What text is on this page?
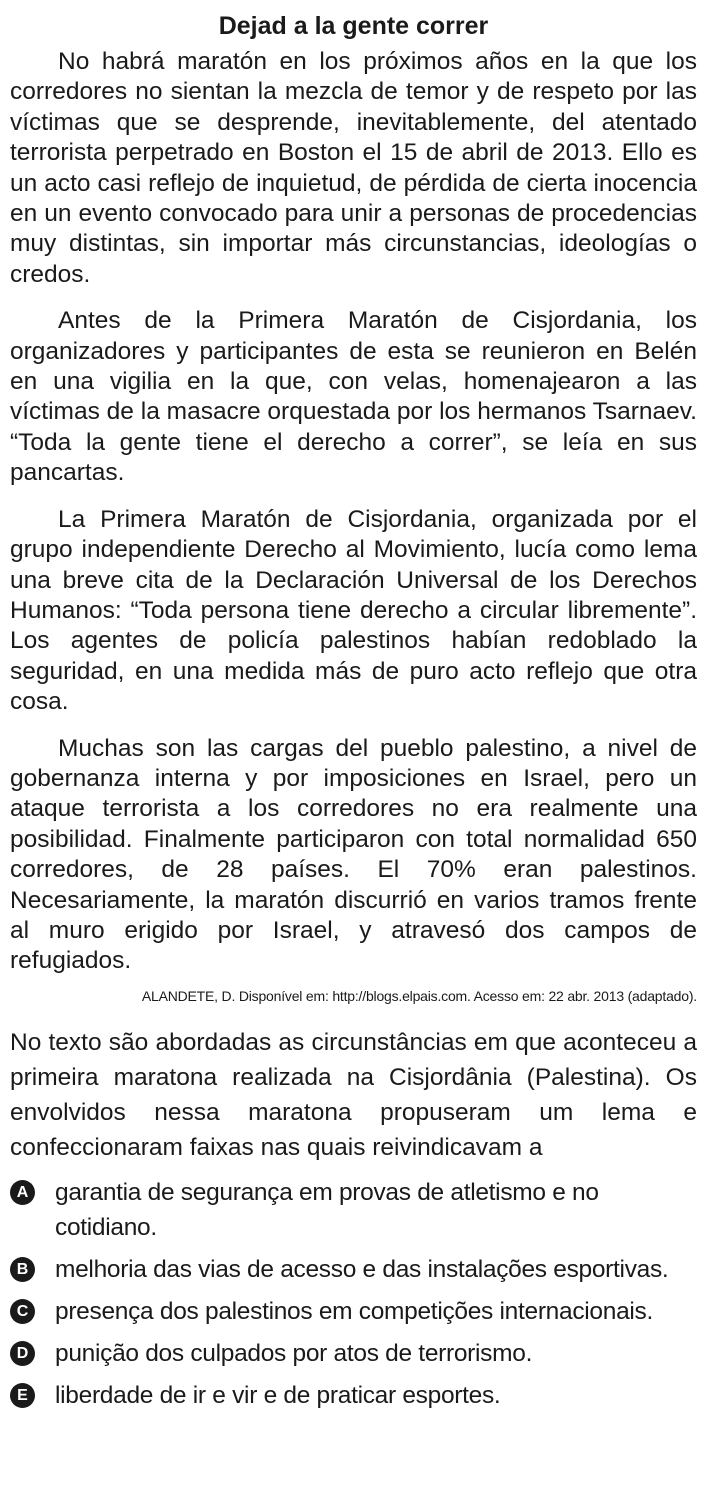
Dejad a la gente correr

No habrá maratón en los próximos años en la que los corredores no sientan la mezcla de temor y de respeto por las víctimas que se desprende, inevitablemente, del atentado terrorista perpetrado en Boston el 15 de abril de 2013. Ello es un acto casi reflejo de inquietud, de pérdida de cierta inocencia en un evento convocado para unir a personas de procedencias muy distintas, sin importar más circunstancias, ideologías o credos.

Antes de la Primera Maratón de Cisjordania, los organizadores y participantes de esta se reunieron en Belén en una vigilia en la que, con velas, homenajearon a las víctimas de la masacre orquestada por los hermanos Tsarnaev. “Toda la gente tiene el derecho a correr”, se leía en sus pancartas.

La Primera Maratón de Cisjordania, organizada por el grupo independiente Derecho al Movimiento, lucía como lema una breve cita de la Declaración Universal de los Derechos Humanos: “Toda persona tiene derecho a circular libremente”. Los agentes de policía palestinos habían redoblado la seguridad, en una medida más de puro acto reflejo que otra cosa.

Muchas son las cargas del pueblo palestino, a nivel de gobernanza interna y por imposiciones en Israel, pero un ataque terrorista a los corredores no era realmente una posibilidad. Finalmente participaron con total normalidad 650 corredores, de 28 países. El 70% eran palestinos. Necesariamente, la maratón discurrió en varios tramos frente al muro erigido por Israel, y atravesó dos campos de refugiados.

ALANDETE, D. Disponível em: http://blogs.elpais.com. Acesso em: 22 abr. 2013 (adaptado).

No texto são abordadas as circunstâncias em que aconteceu a primeira maratona realizada na Cisjordânia (Palestina). Os envolvidos nessa maratona propuseram um lema e confeccionaram faixas nas quais reivindicavam a

A garantia de segurança em provas de atletismo e no cotidiano.
B melhoria das vias de acesso e das instalações esportivas.
C presença dos palestinos em competições internacionais.
D punição dos culpados por atos de terrorismo.
E liberdade de ir e vir e de praticar esportes.
